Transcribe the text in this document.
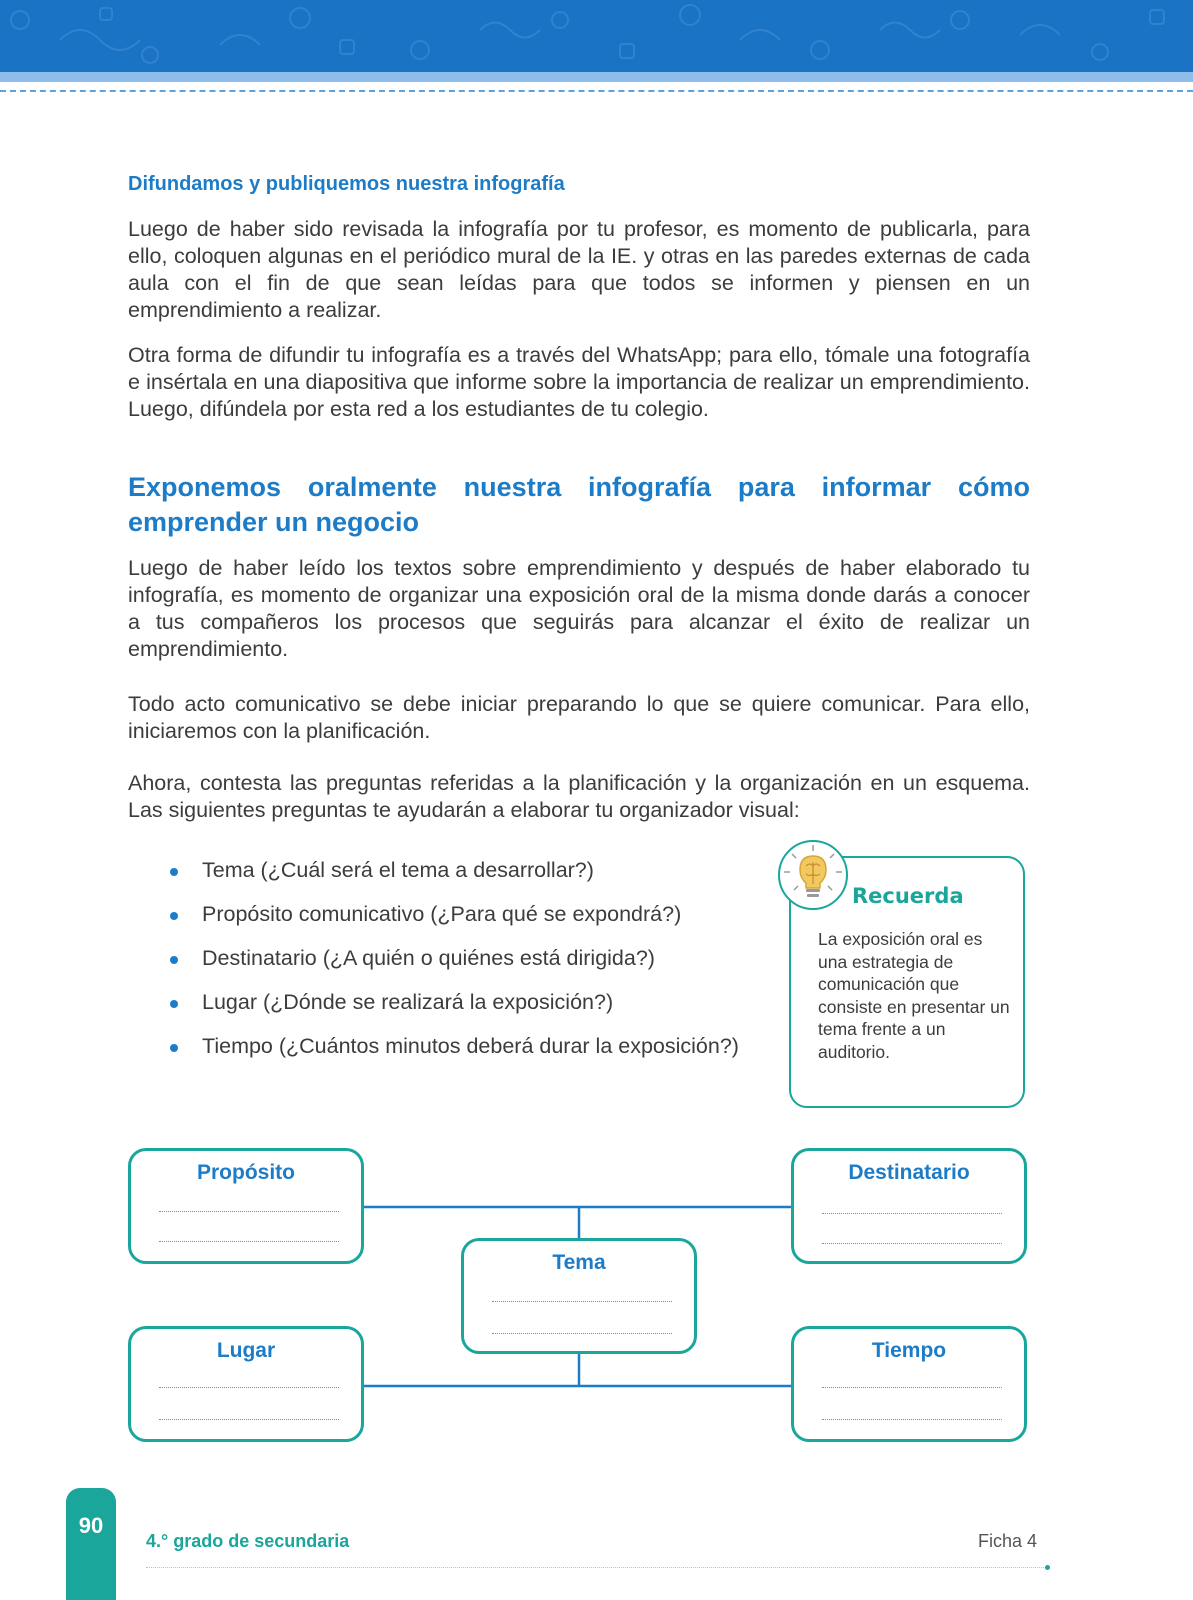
Difundamos y publiquemos nuestra infografía

Luego de haber sido revisada la infografía por tu profesor, es momento de publicarla, para ello, coloquen algunas en el periódico mural de la IE. y otras en las paredes externas de cada aula con el fin de que sean leídas para que todos se informen y piensen en un emprendimiento a realizar.

Otra forma de difundir tu infografía es a través del WhatsApp; para ello, tómale una fotografía e insértala en una diapositiva que informe sobre la importancia de realizar un emprendimiento. Luego, difúndela por esta red a los estudiantes de tu colegio.

Exponemos oralmente nuestra infografía para informar cómo emprender un negocio

Luego de haber leído los textos sobre emprendimiento y después de haber elaborado tu infografía, es momento de organizar una exposición oral de la misma donde darás a conocer a tus compañeros los procesos que seguirás para alcanzar el éxito de realizar un emprendimiento.

Todo acto comunicativo se debe iniciar preparando lo que se quiere comunicar. Para ello, iniciaremos con la planificación.

Ahora, contesta las preguntas referidas a la planificación y la organización en un esquema. Las siguientes preguntas te ayudarán a elaborar tu organizador visual:

Tema (¿Cuál será el tema a desarrollar?)
Propósito comunicativo (¿Para qué se expondrá?)
Destinatario (¿A quién o quiénes está dirigida?)
Lugar (¿Dónde se realizará la exposición?)
Tiempo (¿Cuántos minutos deberá durar la exposición?)
Recuerda
La exposición oral es una estrategia de comunicación que consiste en presentar un tema frente a un auditorio.
Propósito	Destinatario
Tema
Lugar	Tiempo
90
4.° grado de secundaria	Ficha 4
